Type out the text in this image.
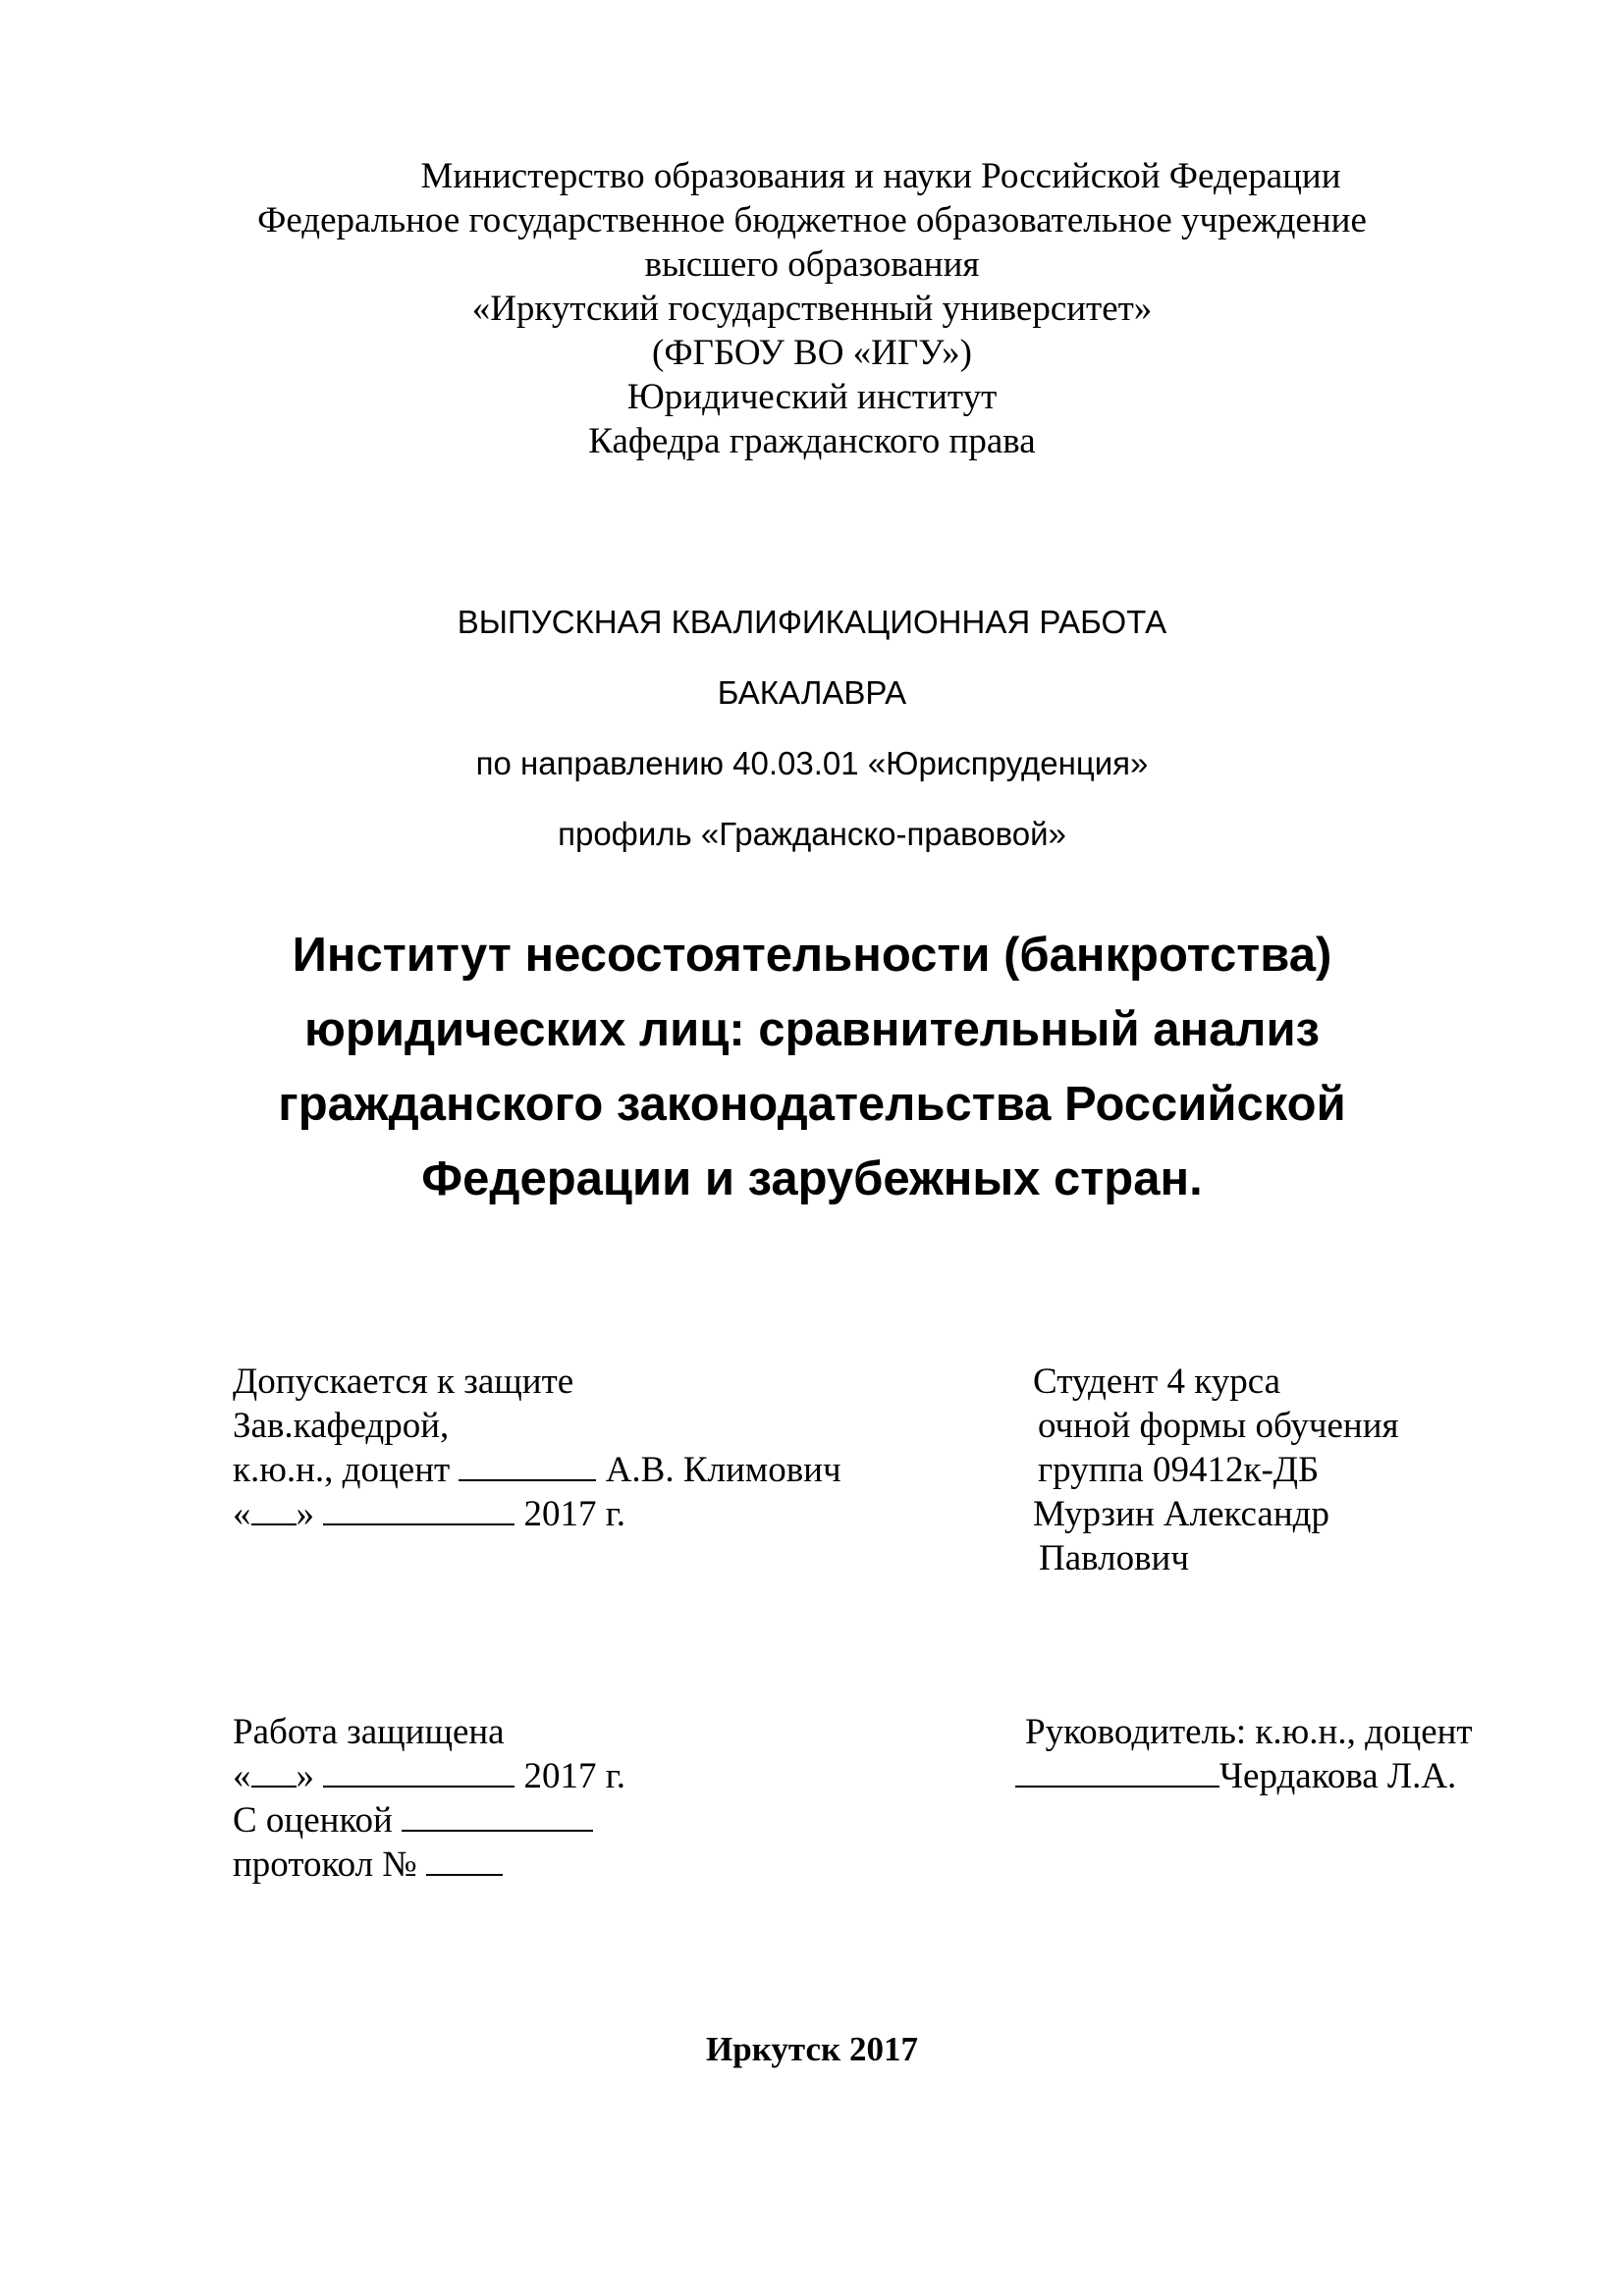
Министерство образования и науки Российской Федерации
Федеральное государственное бюджетное образовательное учреждение
высшего образования
«Иркутский государственный университет»
(ФГБОУ ВО «ИГУ»)
Юридический институт
Кафедра гражданского права
ВЫПУСКНАЯ КВАЛИФИКАЦИОННАЯ РАБОТА
БАКАЛАВРА
по направлению 40.03.01 «Юриспруденция»
профиль «Гражданско-правовой»
Институт несостоятельности (банкротства)
юридических лиц: сравнительный анализ
гражданского законодательства Российской
Федерации и зарубежных стран.
Допускается к защите
Зав.кафедрой,
к.ю.н., доцент	А.В. Климович
« »	2017 г.
Студент 4 курса
очной формы обучения
группа 09412к-ДБ
Мурзин Александр
Павлович
Работа защищена
« »	2017 г.
С оценкой
протокол №
Руководитель: к.ю.н., доцент
Чердакова Л.А.
Иркутск 2017
